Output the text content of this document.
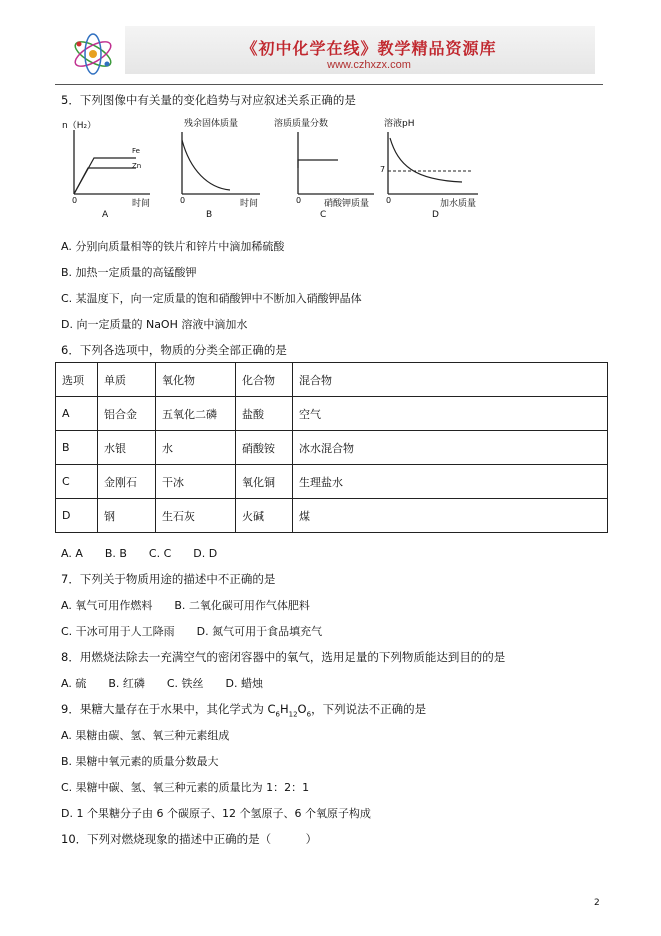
《初中化学在线》教学精品资源库
www.czhxzx.com
5．下列图像中有关量的变化趋势与对应叙述关系正确的是
n（H₂）
Fe
Zn
0	时间
A
残余固体质量
0	时间
B
溶质质量分数
0	硝酸钾质量
C
溶液pH
7
0	加水质量
D
A. 分别向质量相等的铁片和锌片中滴加稀硫酸
B. 加热一定质量的高锰酸钾
C. 某温度下，向一定质量的饱和硝酸钾中不断加入硝酸钾晶体
D. 向一定质量的 NaOH 溶液中滴加水
6．下列各选项中，物质的分类全部正确的是
选项	单质	氧化物	化合物	混合物
A	铝合金	五氧化二磷	盐酸	空气
B	水银	水	硝酸铵	冰水混合物
C	金刚石	干冰	氧化铜	生理盐水
D	钢	生石灰	火碱	煤
A. A　　B. B　　C. C　　D. D
7．下列关于物质用途的描述中不正确的是
A. 氧气可用作燃料　　B. 二氧化碳可用作气体肥料
C. 干冰可用于人工降雨　　D. 氮气可用于食品填充气
8．用燃烧法除去一充满空气的密闭容器中的氧气，选用足量的下列物质能达到目的的是
A. 硫　　B. 红磷　　C. 铁丝　　D. 蜡烛
9．果糖大量存在于水果中，其化学式为 $C_6H_{12}O_6$，下列说法不正确的是
A. 果糖由碳、氢、氧三种元素组成
B. 果糖中氧元素的质量分数最大
C. 果糖中碳、氢、氧三种元素的质量比为 1：2：1
D. 1 个果糖分子由 6 个碳原子、12 个氢原子、6 个氧原子构成
10．下列对燃烧现象的描述中正确的是（　　　）
2
